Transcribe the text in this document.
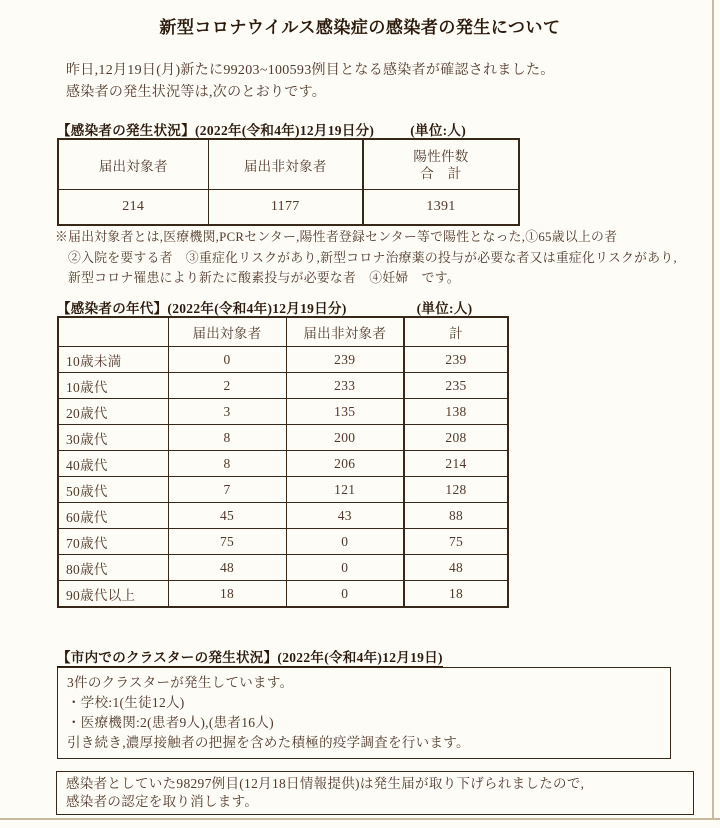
新型コロナウイルス感染症の感染者の発生について
昨日,12月19日(月)新たに99203~100593例目となる感染者が確認されました。
感染者の発生状況等は,次のとおりです。
【感染者の発生状況】(2022年(令和4年)12月19日分)	(単位:人)
届出対象者	届出非対象者	陽性件数
合　計

214	1177	1391
※届出対象者とは,医療機関,PCRセンター,陽性者登録センター等で陽性となった,①65歳以上の者
②入院を要する者　③重症化リスクがあり,新型コロナ治療薬の投与が必要な者又は重症化リスクがあり,
新型コロナ罹患により新たに酸素投与が必要な者　④妊婦　です。
【感染者の年代】(2022年(令和4年)12月19日分)	(単位:人)
	届出対象者	届出非対象者	計
10歳未満	0	239	239
10歳代	2	233	235
20歳代	3	135	138
30歳代	8	200	208
40歳代	8	206	214
50歳代	7	121	128
60歳代	45	43	88
70歳代	75	0	75
80歳代	48	0	48
90歳代以上	18	0	18
【市内でのクラスターの発生状況】(2022年(令和4年)12月19日)
3件のクラスターが発生しています。
・学校:1(生徒12人)
・医療機関:2(患者9人),(患者16人)
引き続き,濃厚接触者の把握を含めた積極的疫学調査を行います。
感染者としていた98297例目(12月18日情報提供)は発生届が取り下げられましたので,
感染者の認定を取り消します。
